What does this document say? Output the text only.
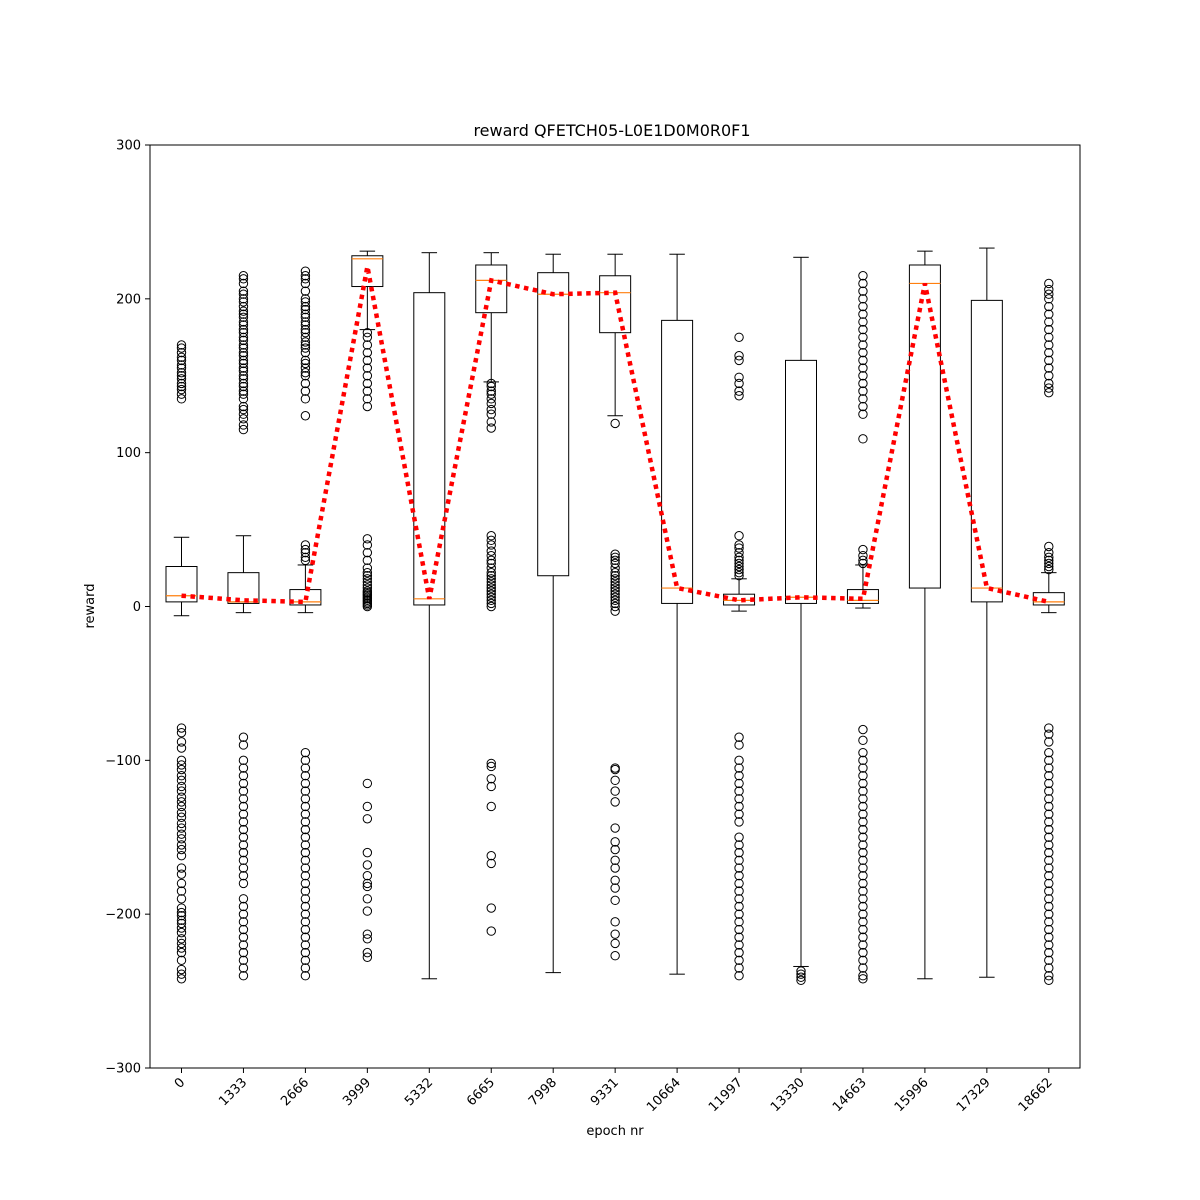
−300
−200
−100
0
100
200
300
0 1333 2666 3999 5332 6665 7998 9331 10664 11997 13330 14663 15996 17329 18662
reward QFETCH05-L0E1D0M0R0F1
epoch nr
reward
